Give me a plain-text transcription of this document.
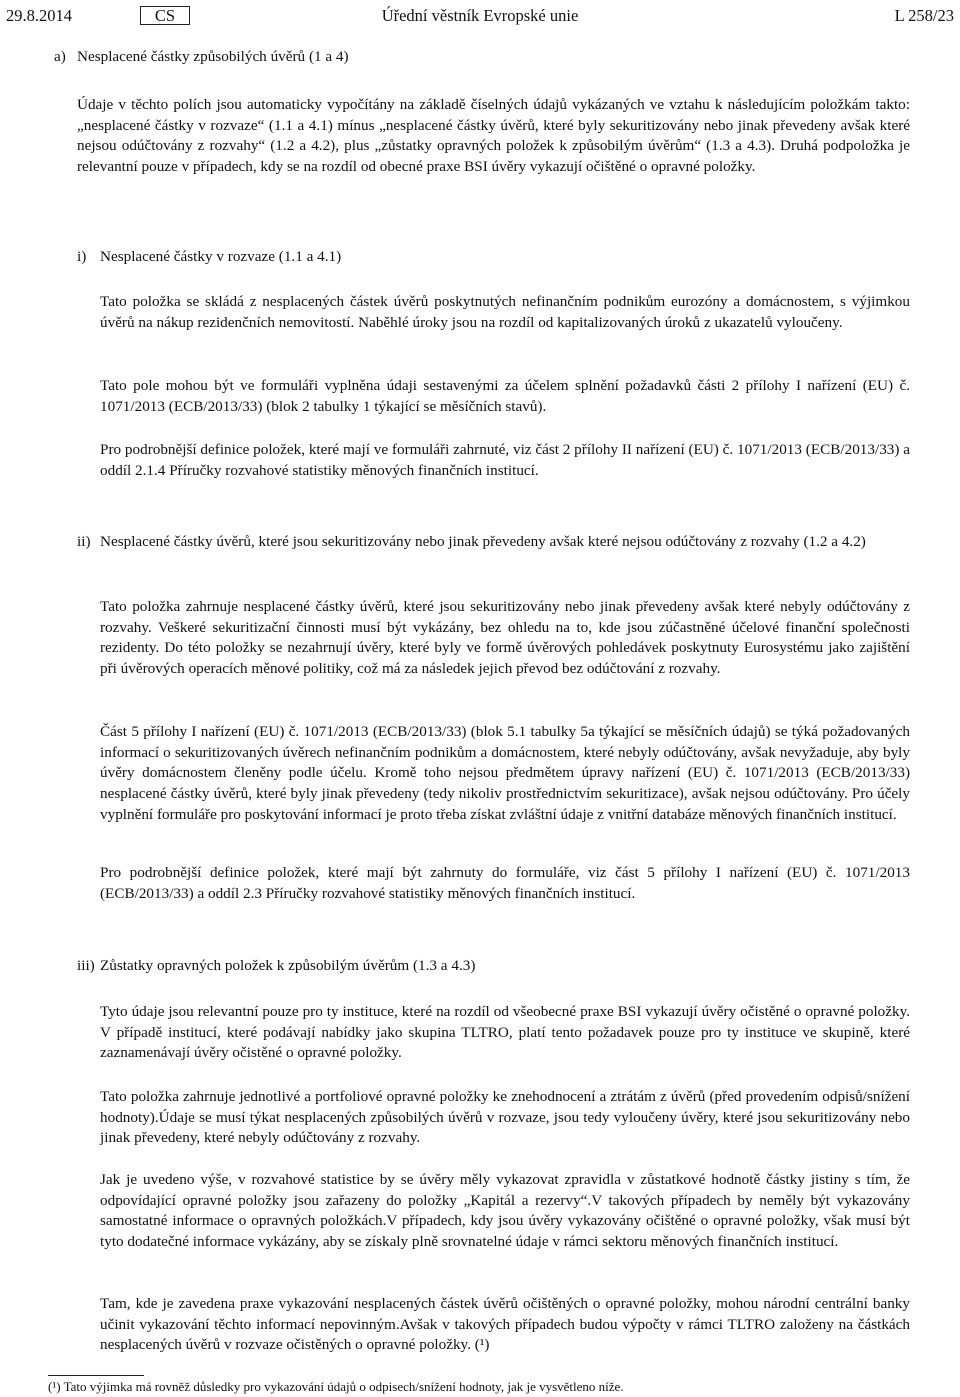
29.8.2014	CS	Úřední věstník Evropské unie	L 258/23

a) Nesplacené částky způsobilých úvěrů (1 a 4)

Údaje v těchto polích jsou automaticky vypočítány na základě číselných údajů vykázaných ve vztahu k následujícím položkám takto: „nesplacené částky v rozvaze“ (1.1 a 4.1) mínus „nesplacené částky úvěrů, které byly sekuritizovány nebo jinak převedeny avšak které nejsou odúčtovány z rozvahy“ (1.2 a 4.2), plus „zůstatky opravných položek k způsobilým úvěrům“ (1.3 a 4.3). Druhá podpoložka je relevantní pouze v případech, kdy se na rozdíl od obecné praxe BSI úvěry vykazují očištěné o opravné položky.

i) Nesplacené částky v rozvaze (1.1 a 4.1)

Tato položka se skládá z nesplacených částek úvěrů poskytnutých nefinančním podnikům eurozóny a domácnostem, s výjimkou úvěrů na nákup rezidenčních nemovitostí. Naběhlé úroky jsou na rozdíl od kapitalizovaných úroků z ukazatelů vyloučeny.

Tato pole mohou být ve formuláři vyplněna údaji sestavenými za účelem splnění požadavků části 2 přílohy I nařízení (EU) č. 1071/2013 (ECB/2013/33) (blok 2 tabulky 1 týkající se měsíčních stavů).

Pro podrobnější definice položek, které mají ve formuláři zahrnuté, viz část 2 přílohy II nařízení (EU) č. 1071/2013 (ECB/2013/33) a oddíl 2.1.4 Příručky rozvahové statistiky měnových finančních institucí.

ii) Nesplacené částky úvěrů, které jsou sekuritizovány nebo jinak převedeny avšak které nejsou odúčtovány z rozvahy (1.2 a 4.2)

Tato položka zahrnuje nesplacené částky úvěrů, které jsou sekuritizovány nebo jinak převedeny avšak které nebyly odúčtovány z rozvahy. Veškeré sekuritizační činnosti musí být vykázány, bez ohledu na to, kde jsou zúčastněné účelové finanční společnosti rezidenty. Do této položky se nezahrnují úvěry, které byly ve formě úvěrových pohledávek poskytnuty Eurosystému jako zajištění při úvěrových operacích měnové politiky, což má za následek jejich převod bez odúčtování z rozvahy.

Část 5 přílohy I nařízení (EU) č. 1071/2013 (ECB/2013/33) (blok 5.1 tabulky 5a týkající se měsíčních údajů) se týká požadovaných informací o sekuritizovaných úvěrech nefinančním podnikům a domácnostem, které nebyly odúčtovány, avšak nevyžaduje, aby byly úvěry domácnostem členěny podle účelu. Kromě toho nejsou předmětem úpravy nařízení (EU) č. 1071/2013 (ECB/2013/33) nesplacené částky úvěrů, které byly jinak převedeny (tedy nikoliv prostřednictvím sekuritizace), avšak nejsou odúčtovány. Pro účely vyplnění formuláře pro poskytování informací je proto třeba získat zvláštní údaje z vnitřní databáze měnových finančních institucí.

Pro podrobnější definice položek, které mají být zahrnuty do formuláře, viz část 5 přílohy I nařízení (EU) č. 1071/2013 (ECB/2013/33) a oddíl 2.3 Příručky rozvahové statistiky měnových finančních institucí.

iii) Zůstatky opravných položek k způsobilým úvěrům (1.3 a 4.3)

Tyto údaje jsou relevantní pouze pro ty instituce, které na rozdíl od všeobecné praxe BSI vykazují úvěry očistěné o opravné položky. V případě institucí, které podávají nabídky jako skupina TLTRO, platí tento požadavek pouze pro ty instituce ve skupině, které zaznamenávají úvěry očistěné o opravné položky.

Tato položka zahrnuje jednotlivé a portfoliové opravné položky ke znehodnocení a ztrátám z úvěrů (před provedením odpisů/snížení hodnoty).Údaje se musí týkat nesplacených způsobilých úvěrů v rozvaze, jsou tedy vyloučeny úvěry, které jsou sekuritizovány nebo jinak převedeny, které nebyly odúčtovány z rozvahy.

Jak je uvedeno výše, v rozvahové statistice by se úvěry měly vykazovat zpravidla v zůstatkové hodnotě částky jistiny s tím, že odpovídající opravné položky jsou zařazeny do položky „Kapitál a rezervy“.V takových případech by neměly být vykazovány samostatné informace o opravných položkách.V případech, kdy jsou úvěry vykazovány očištěné o opravné položky, však musí být tyto dodatečné informace vykázány, aby se získaly plně srovnatelné údaje v rámci sektoru měnových finančních institucí.

Tam, kde je zavedena praxe vykazování nesplacených částek úvěrů očištěných o opravné položky, mohou národní centrální banky učinit vykazování těchto informací nepovinným.Avšak v takových případech budou výpočty v rámci TLTRO založeny na částkách nesplacených úvěrů v rozvaze očistěných o opravné položky. (¹)

(¹) Tato výjimka má rovněž důsledky pro vykazování údajů o odpisech/snížení hodnoty, jak je vysvětleno níže.
